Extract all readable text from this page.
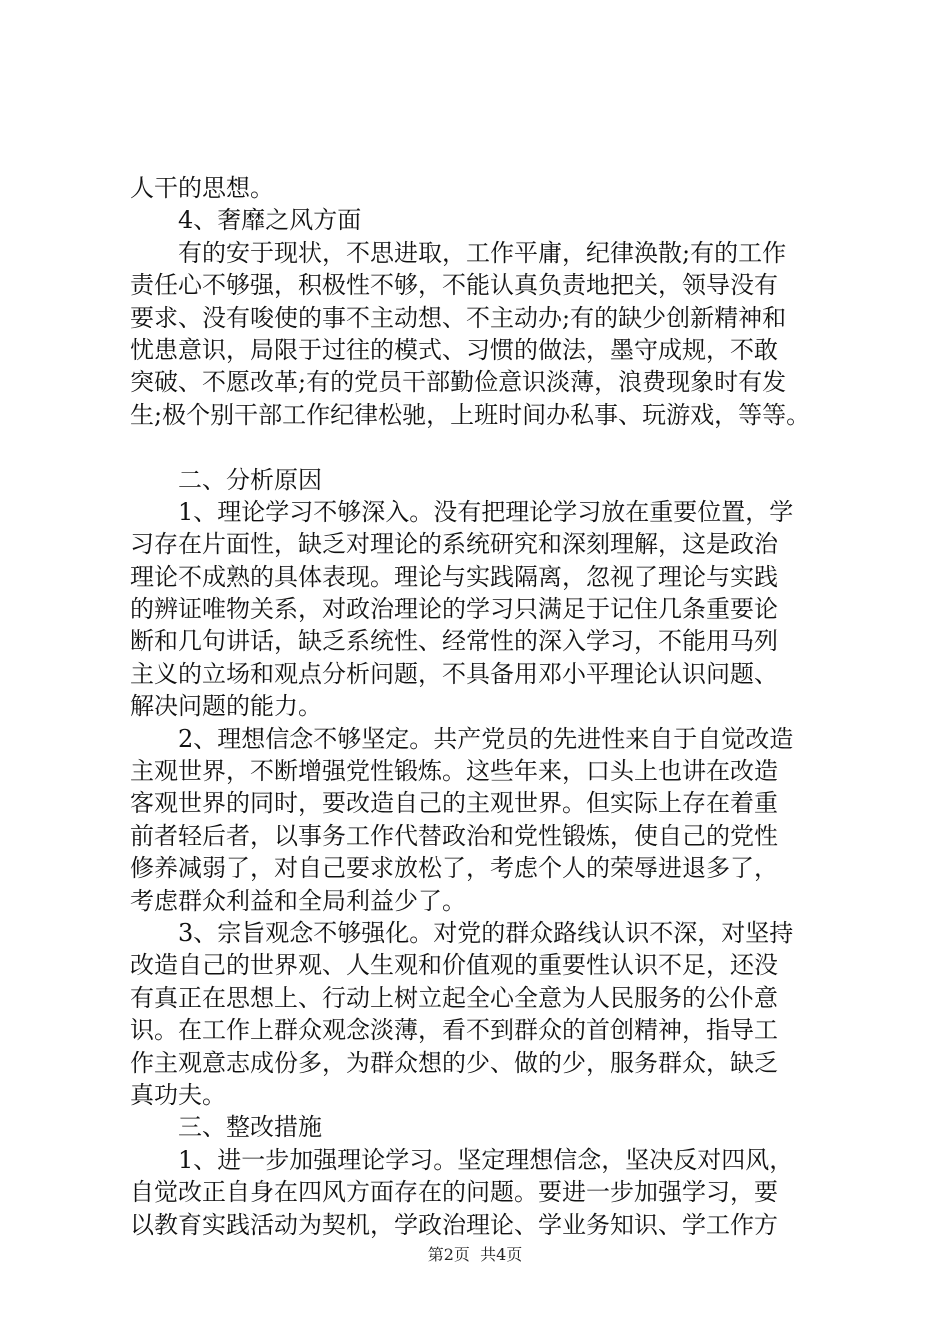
人干的思想。
4、奢靡之风方面
有的安于现状，不思进取，工作平庸，纪律涣散;有的工作
责任心不够强，积极性不够，不能认真负责地把关，领导没有
要求、没有唆使的事不主动想、不主动办;有的缺少创新精神和
忧患意识，局限于过往的模式、习惯的做法，墨守成规，不敢
突破、不愿改革;有的党员干部勤俭意识淡薄，浪费现象时有发
生;极个别干部工作纪律松驰，上班时间办私事、玩游戏，等等。
二、分析原因
1、理论学习不够深入。没有把理论学习放在重要位置，学
习存在片面性，缺乏对理论的系统研究和深刻理解，这是政治
理论不成熟的具体表现。理论与实践隔离，忽视了理论与实践
的辨证唯物关系，对政治理论的学习只满足于记住几条重要论
断和几句讲话，缺乏系统性、经常性的深入学习，不能用马列
主义的立场和观点分析问题，不具备用邓小平理论认识问题、
解决问题的能力。
2、理想信念不够坚定。共产党员的先进性来自于自觉改造
主观世界，不断增强党性锻炼。这些年来，口头上也讲在改造
客观世界的同时，要改造自己的主观世界。但实际上存在着重
前者轻后者，以事务工作代替政治和党性锻炼，使自己的党性
修养减弱了，对自己要求放松了，考虑个人的荣辱进退多了，
考虑群众利益和全局利益少了。
3、宗旨观念不够强化。对党的群众路线认识不深，对坚持
改造自己的世界观、人生观和价值观的重要性认识不足，还没
有真正在思想上、行动上树立起全心全意为人民服务的公仆意
识。在工作上群众观念淡薄，看不到群众的首创精神，指导工
作主观意志成份多，为群众想的少、做的少，服务群众，缺乏
真功夫。
三、整改措施
1、进一步加强理论学习。坚定理想信念，坚决反对四风，
自觉改正自身在四风方面存在的问题。要进一步加强学习，要
以教育实践活动为契机，学政治理论、学业务知识、学工作方
第2页  共4页
